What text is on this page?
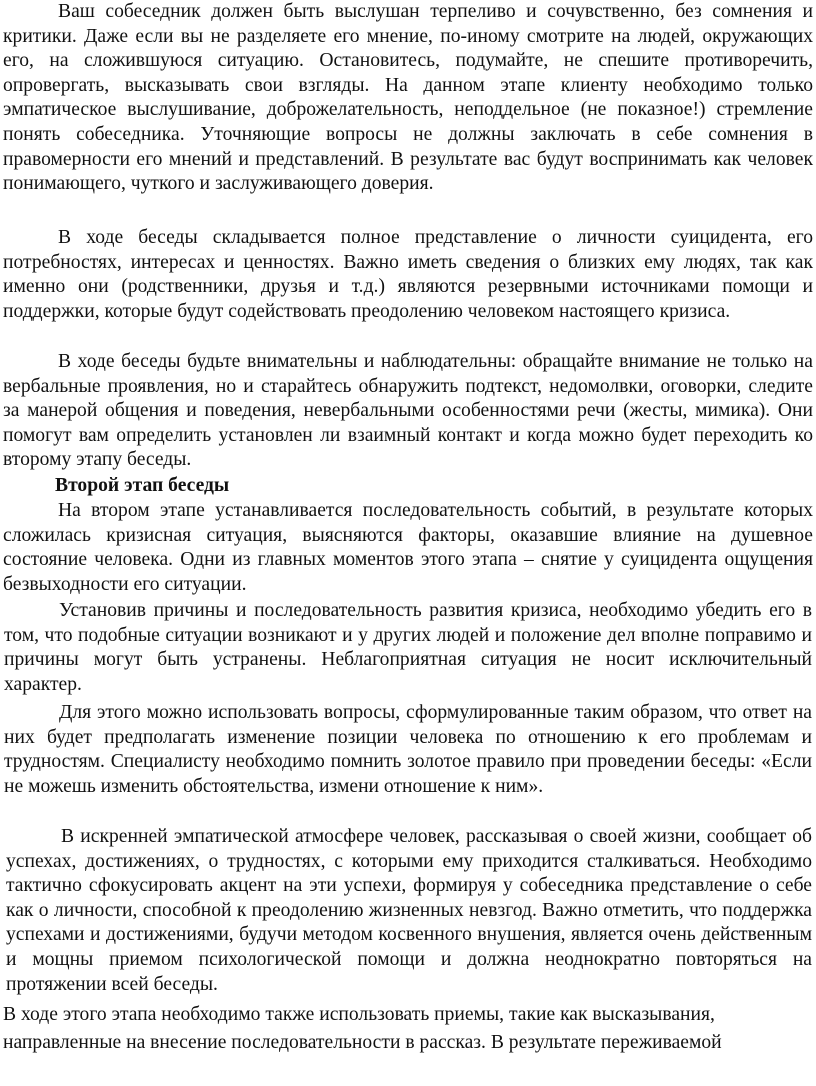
Ваш собеседник должен быть выслушан терпеливо и сочувственно, без сомнения и критики. Даже если вы не разделяете его мнение, по-иному смотрите на людей, окружающих его, на сложившуюся ситуацию. Остановитесь, подумайте, не спешите противоречить, опровергать, высказывать свои взгляды. На данном этапе клиенту необходимо только эмпатическое выслушивание, доброжелательность, неподдельное (не показное!) стремление понять собеседника. Уточняющие вопросы не должны заключать в себе сомнения в правомерности его мнений и представлений. В результате вас будут воспринимать как человек понимающего, чуткого и заслуживающего доверия.

В ходе беседы складывается полное представление о личности суицидента, его потребностях, интересах и ценностях. Важно иметь сведения о близких ему людях, так как именно они (родственники, друзья и т.д.) являются резервными источниками помощи и поддержки, которые будут содействовать преодолению человеком настоящего кризиса.

В ходе беседы будьте внимательны и наблюдательны: обращайте внимание не только на вербальные проявления, но и старайтесь обнаружить подтекст, недомолвки, оговорки, следите за манерой общения и поведения, невербальными особенностями речи (жесты, мимика). Они помогут вам определить установлен ли взаимный контакт и когда можно будет переходить ко второму этапу беседы.

Второй этап беседы

На втором этапе устанавливается последовательность событий, в результате которых сложилась кризисная ситуация, выясняются факторы, оказавшие влияние на душевное состояние человека. Одни из главных моментов этого этапа – снятие у суицидента ощущения безвыходности его ситуации.

Установив причины и последовательность развития кризиса, необходимо убедить его в том, что подобные ситуации возникают и у других людей и положение дел вполне поправимо и причины могут быть устранены. Неблагоприятная ситуация не носит исключительный характер.

Для этого можно использовать вопросы, сформулированные таким образом, что ответ на них будет предполагать изменение позиции человека по отношению к его проблемам и трудностям. Специалисту необходимо помнить золотое правило при проведении беседы: «Если не можешь изменить обстоятельства, измени отношение к ним».

В искренней эмпатической атмосфере человек, рассказывая о своей жизни, сообщает об успехах, достижениях, о трудностях, с которыми ему приходится сталкиваться. Необходимо тактично сфокусировать акцент на эти успехи, формируя у собеседника представление о себе как о личности, способной к преодолению жизненных невзгод. Важно отметить, что поддержка успехами и достижениями, будучи методом косвенного внушения, является очень действенным и мощны приемом психологической помощи и должна неоднократно повторяться на протяжении всей беседы.

В ходе этого этапа необходимо также использовать приемы, такие как высказывания, направленные на внесение последовательности в рассказ. В результате переживаемой
